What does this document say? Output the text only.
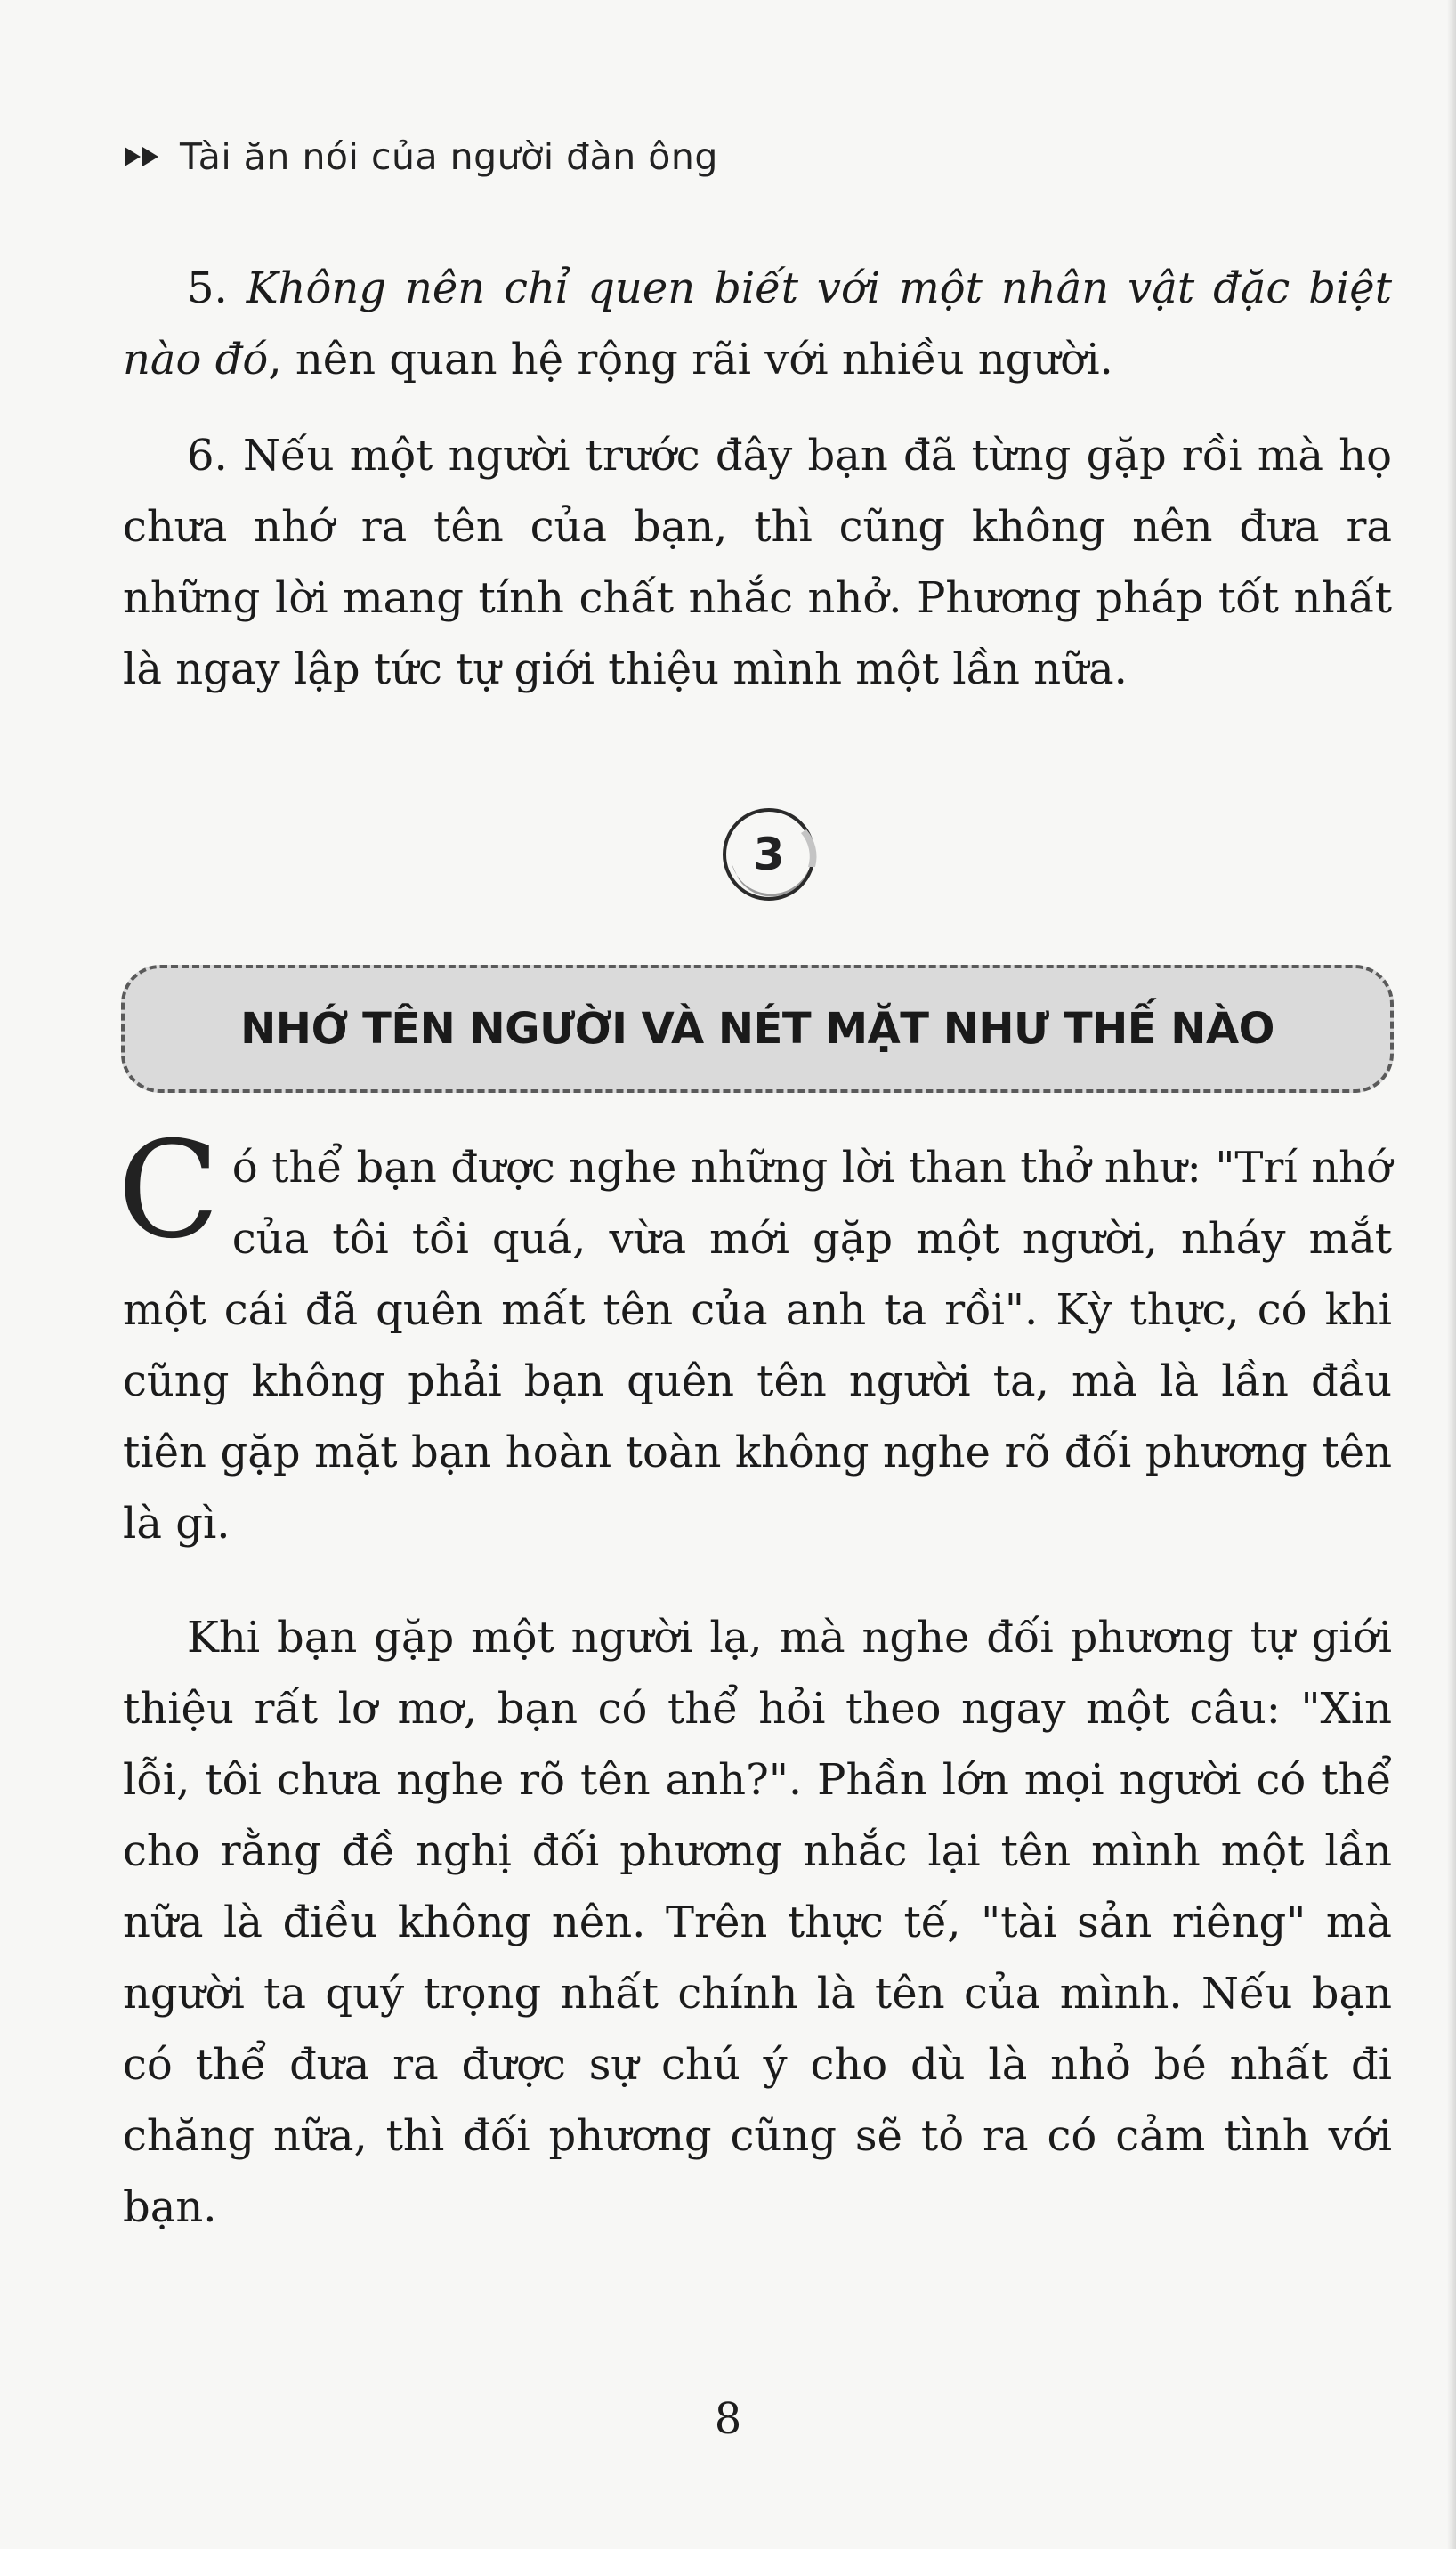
Tài ăn nói của người đàn ông

5. Không nên chỉ quen biết với một nhân vật đặc biệt nào đó, nên quan hệ rộng rãi với nhiều người.

6. Nếu một người trước đây bạn đã từng gặp rồi mà họ chưa nhớ ra tên của bạn, thì cũng không nên đưa ra những lời mang tính chất nhắc nhở. Phương pháp tốt nhất là ngay lập tức tự giới thiệu mình một lần nữa.

3
NHỚ TÊN NGƯỜI VÀ NÉT MẶT NHƯ THẾ NÀO

Có thể bạn được nghe những lời than thở như: "Trí nhớ của tôi tồi quá, vừa mới gặp một người, nháy mắt một cái đã quên mất tên của anh ta rồi". Kỳ thực, có khi cũng không phải bạn quên tên người ta, mà là lần đầu tiên gặp mặt bạn hoàn toàn không nghe rõ đối phương tên là gì.

Khi bạn gặp một người lạ, mà nghe đối phương tự giới thiệu rất lơ mơ, bạn có thể hỏi theo ngay một câu: "Xin lỗi, tôi chưa nghe rõ tên anh?". Phần lớn mọi người có thể cho rằng đề nghị đối phương nhắc lại tên mình một lần nữa là điều không nên. Trên thực tế, "tài sản riêng" mà người ta quý trọng nhất chính là tên của mình. Nếu bạn có thể đưa ra được sự chú ý cho dù là nhỏ bé nhất đi chăng nữa, thì đối phương cũng sẽ tỏ ra có cảm tình với bạn.

8
